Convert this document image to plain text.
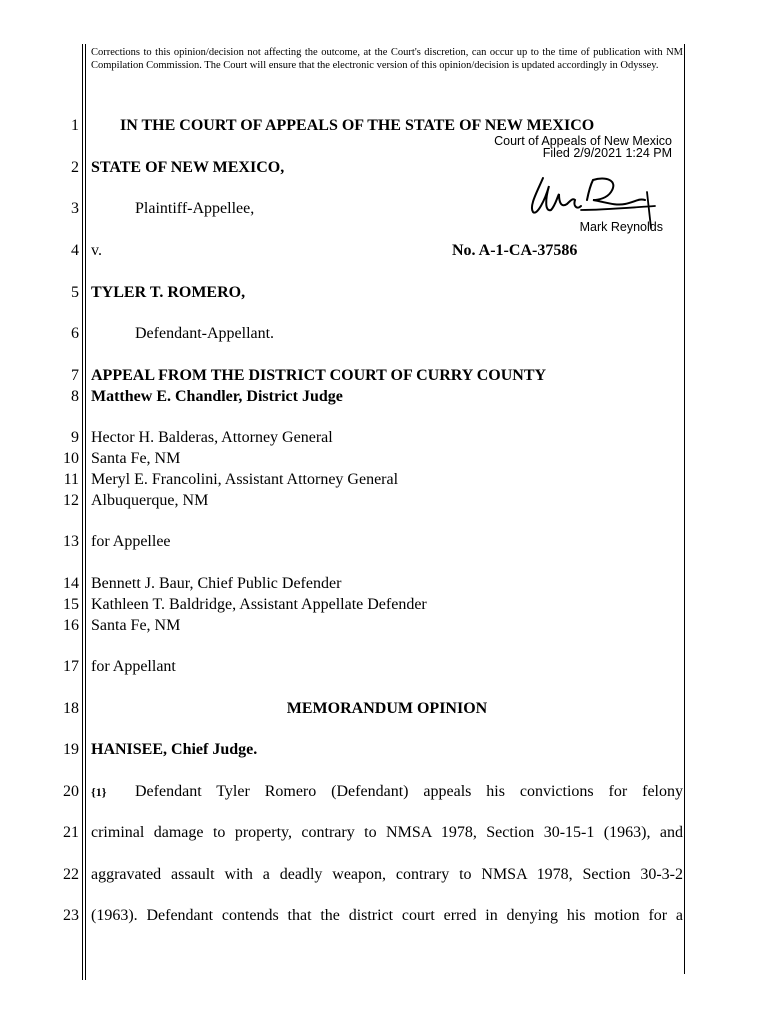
Corrections to this opinion/decision not affecting the outcome, at the Court's discretion, can occur up to the time of publication with NM Compilation Commission. The Court will ensure that the electronic version of this opinion/decision is updated accordingly in Odyssey.
1
2
3
4
5
6
7
8
9
10
11
12
13
14
15
16
17
18
19
20
21
22
23
IN THE COURT OF APPEALS OF THE STATE OF NEW MEXICO
Court of Appeals of New Mexico
Filed 2/9/2021 1:24 PM
Mark Reynolds
STATE OF NEW MEXICO,
Plaintiff-Appellee,
v.	No. A-1-CA-37586
TYLER T. ROMERO,
Defendant-Appellant.
APPEAL FROM THE DISTRICT COURT OF CURRY COUNTY
Matthew E. Chandler, District Judge
Hector H. Balderas, Attorney General
Santa Fe, NM
Meryl E. Francolini, Assistant Attorney General
Albuquerque, NM
for Appellee
Bennett J. Baur, Chief Public Defender
Kathleen T. Baldridge, Assistant Appellate Defender
Santa Fe, NM
for Appellant
MEMORANDUM OPINION
HANISEE, Chief Judge.
{1} Defendant Tyler Romero (Defendant) appeals his convictions for felony
criminal damage to property, contrary to NMSA 1978, Section 30-15-1 (1963), and
aggravated assault with a deadly weapon, contrary to NMSA 1978, Section 30-3-2
(1963). Defendant contends that the district court erred in denying his motion for a
